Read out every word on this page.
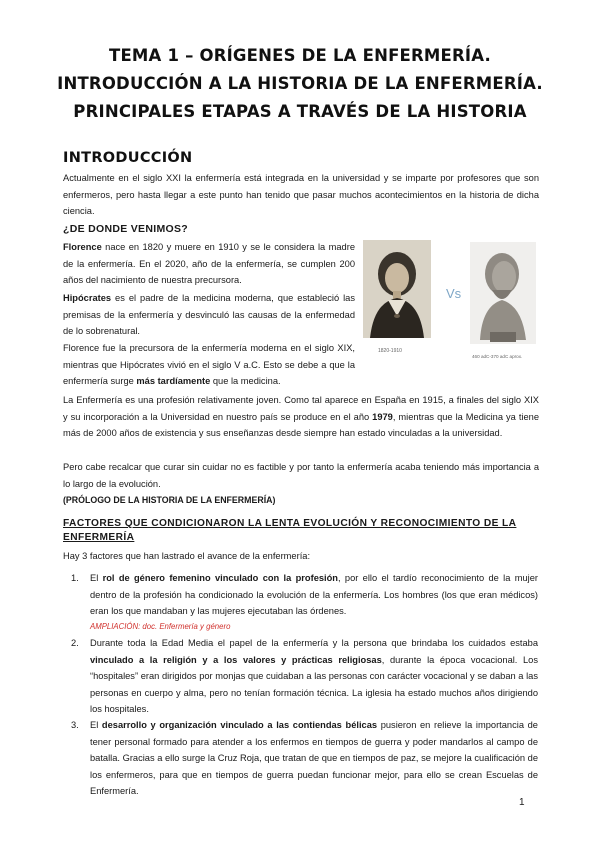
TEMA 1 – ORÍGENES DE LA ENFERMERÍA.
INTRODUCCIÓN A LA HISTORIA DE LA ENFERMERÍA.
PRINCIPALES ETAPAS A TRAVÉS DE LA HISTORIA
INTRODUCCIÓN

Actualmente en el siglo XXI la enfermería está integrada en la universidad y se imparte por profesores que son enfermeros, pero hasta llegar a este punto han tenido que pasar muchos acontecimientos en la historia de dicha ciencia.

¿DE DONDE VENIMOS?

Florence nace en 1820 y muere en 1910 y se le considera la madre de la enfermería. En el 2020, año de la enfermería, se cumplen 200 años del nacimiento de nuestra precursora.

Hipócrates es el padre de la medicina moderna, que estableció las premisas de la enfermería y desvinculó las causas de la enfermedad de lo sobrenatural.

Florence fue la precursora de la enfermería moderna en el siglo XIX, mientras que Hipócrates vivió en el siglo V a.C. Esto se debe a que la enfermería surge más tardíamente que la medicina.

Vs
1820-1910
460 adC-370 adC aprox.

La Enfermería es una profesión relativamente joven. Como tal aparece en España en 1915, a finales del siglo XIX y su incorporación a la Universidad en nuestro país se produce en el año 1979, mientras que la Medicina ya tiene más de 2000 años de existencia y sus enseñanzas desde siempre han estado vinculadas a la universidad.

Pero cabe recalcar que curar sin cuidar no es factible y por tanto la enfermería acaba teniendo más importancia a lo largo de la evolución.

(PRÓLOGO DE LA HISTORIA DE LA ENFERMERÍA)

FACTORES QUE CONDICIONARON LA LENTA EVOLUCIÓN Y RECONOCIMIENTO DE LA ENFERMERÍA

Hay 3 factores que han lastrado el avance de la enfermería:

1. El rol de género femenino vinculado con la profesión, por ello el tardío reconocimiento de la mujer dentro de la profesión ha condicionado la evolución de la enfermería. Los hombres (los que eran médicos) eran los que mandaban y las mujeres ejecutaban las órdenes.
AMPLIACIÓN: doc. Enfermería y género
2. Durante toda la Edad Media el papel de la enfermería y la persona que brindaba los cuidados estaba vinculado a la religión y a los valores y prácticas religiosas, durante la época vocacional. Los “hospitales” eran dirigidos por monjas que cuidaban a las personas con carácter vocacional y se daban a las personas en cuerpo y alma, pero no tenían formación técnica. La iglesia ha estado muchos años dirigiendo los hospitales.
3. El desarrollo y organización vinculado a las contiendas bélicas pusieron en relieve la importancia de tener personal formado para atender a los enfermos en tiempos de guerra y poder mandarlos al campo de batalla. Gracias a ello surge la Cruz Roja, que tratan de que en tiempos de paz, se mejore la cualificación de los enfermeros, para que en tiempos de guerra puedan funcionar mejor, para ello se crean Escuelas de Enfermería.
1
